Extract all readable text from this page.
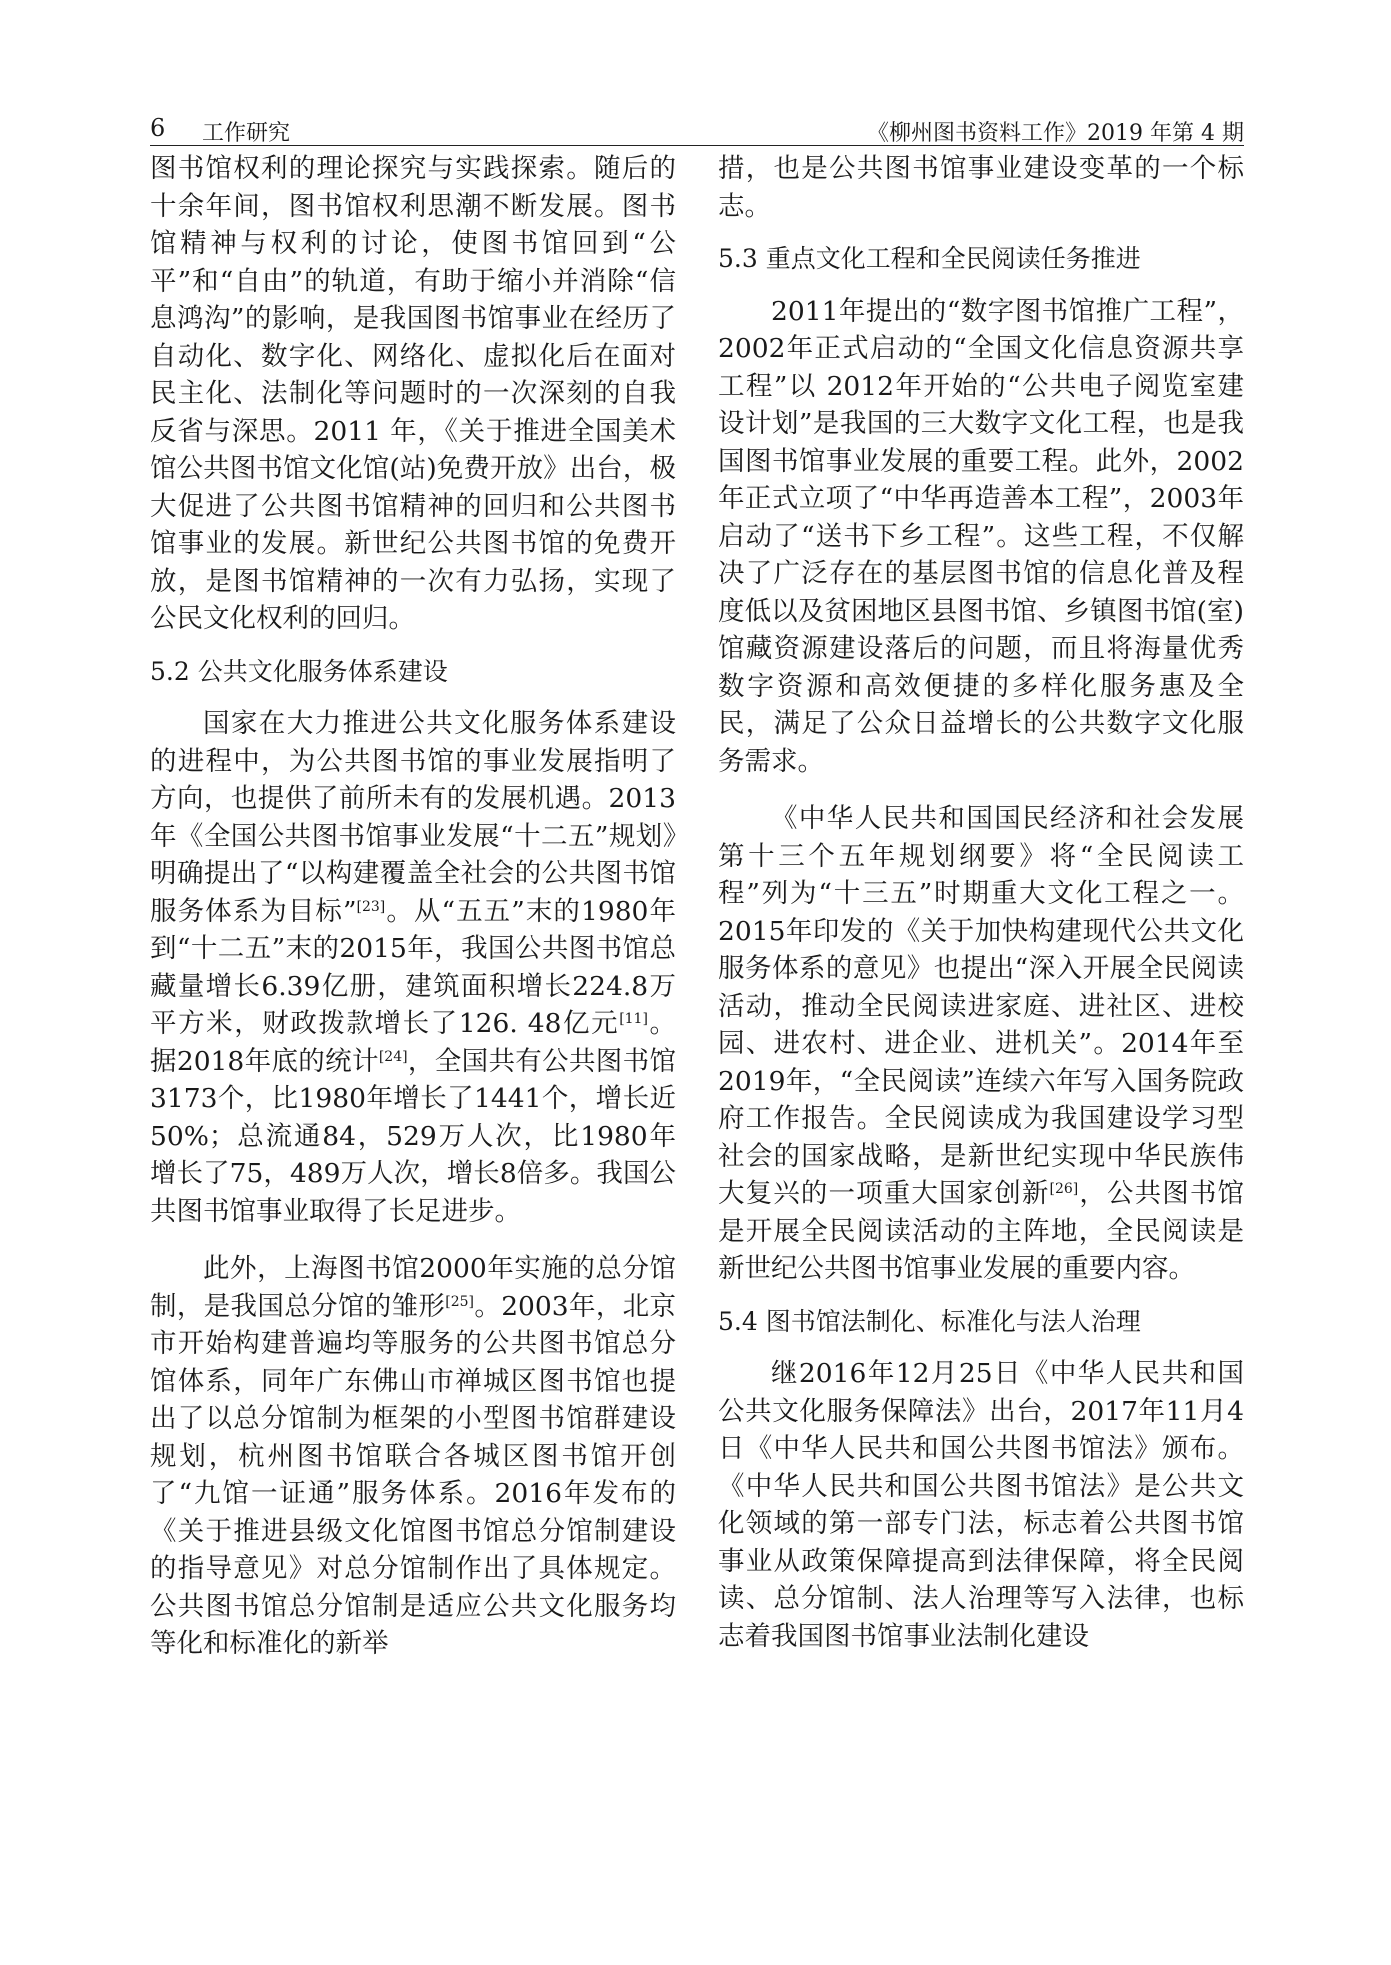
6 工作研究	《柳州图书资料工作》2019 年第 4 期

图书馆权利的理论探究与实践探索。随后的十余年间，图书馆权利思潮不断发展。图书馆精神与权利的讨论，使图书馆回到“公平”和“自由”的轨道，有助于缩小并消除“信息鸿沟”的影响，是我国图书馆事业在经历了自动化、数字化、网络化、虚拟化后在面对民主化、法制化等问题时的一次深刻的自我反省与深思。2011 年，《关于推进全国美术馆公共图书馆文化馆(站)免费开放》出台，极大促进了公共图书馆精神的回归和公共图书馆事业的发展。新世纪公共图书馆的免费开放，是图书馆精神的一次有力弘扬，实现了公民文化权利的回归。

5.2 公共文化服务体系建设

国家在大力推进公共文化服务体系建设的进程中，为公共图书馆的事业发展指明了方向，也提供了前所未有的发展机遇。2013 年《全国公共图书馆事业发展“十二五”规划》明确提出了“以构建覆盖全社会的公共图书馆服务体系为目标”[23]。从“五五”末的1980年到“十二五”末的2015年，我国公共图书馆总藏量增长6.39亿册，建筑面积增长224.8万平方米，财政拨款增长了126. 48亿元[11]。据2018年底的统计[24]，全国共有公共图书馆3173个，比1980年增长了1441个，增长近50%；总流通84，529万人次，比1980年增长了75，489万人次，增长8倍多。我国公共图书馆事业取得了长足进步。

此外，上海图书馆2000年实施的总分馆制，是我国总分馆的雏形[25]。2003年，北京市开始构建普遍均等服务的公共图书馆总分馆体系，同年广东佛山市禅城区图书馆也提出了以总分馆制为框架的小型图书馆群建设规划，杭州图书馆联合各城区图书馆开创了“九馆一证通”服务体系。2016年发布的《关于推进县级文化馆图书馆总分馆制建设的指导意见》对总分馆制作出了具体规定。公共图书馆总分馆制是适应公共文化服务均等化和标准化的新举

措，也是公共图书馆事业建设变革的一个标志。

5.3 重点文化工程和全民阅读任务推进

2011年提出的“数字图书馆推广工程”，2002年正式启动的“全国文化信息资源共享工程”以 2012年开始的“公共电子阅览室建设计划”是我国的三大数字文化工程，也是我国图书馆事业发展的重要工程。此外，2002年正式立项了“中华再造善本工程”，2003年启动了“送书下乡工程”。这些工程，不仅解决了广泛存在的基层图书馆的信息化普及程度低以及贫困地区县图书馆、乡镇图书馆(室)馆藏资源建设落后的问题，而且将海量优秀数字资源和高效便捷的多样化服务惠及全民，满足了公众日益增长的公共数字文化服务需求。

《中华人民共和国国民经济和社会发展第十三个五年规划纲要》将“全民阅读工程”列为“十三五”时期重大文化工程之一。2015年印发的《关于加快构建现代公共文化服务体系的意见》也提出“深入开展全民阅读活动，推动全民阅读进家庭、进社区、进校园、进农村、进企业、进机关”。2014年至2019年，“全民阅读”连续六年写入国务院政府工作报告。全民阅读成为我国建设学习型社会的国家战略，是新世纪实现中华民族伟大复兴的一项重大国家创新[26]，公共图书馆是开展全民阅读活动的主阵地，全民阅读是新世纪公共图书馆事业发展的重要内容。

5.4 图书馆法制化、标准化与法人治理

继2016年12月25日《中华人民共和国公共文化服务保障法》出台，2017年11月4日《中华人民共和国公共图书馆法》颁布。《中华人民共和国公共图书馆法》是公共文化领域的第一部专门法，标志着公共图书馆事业从政策保障提高到法律保障，将全民阅读、总分馆制、法人治理等写入法律，也标志着我国图书馆事业法制化建设
